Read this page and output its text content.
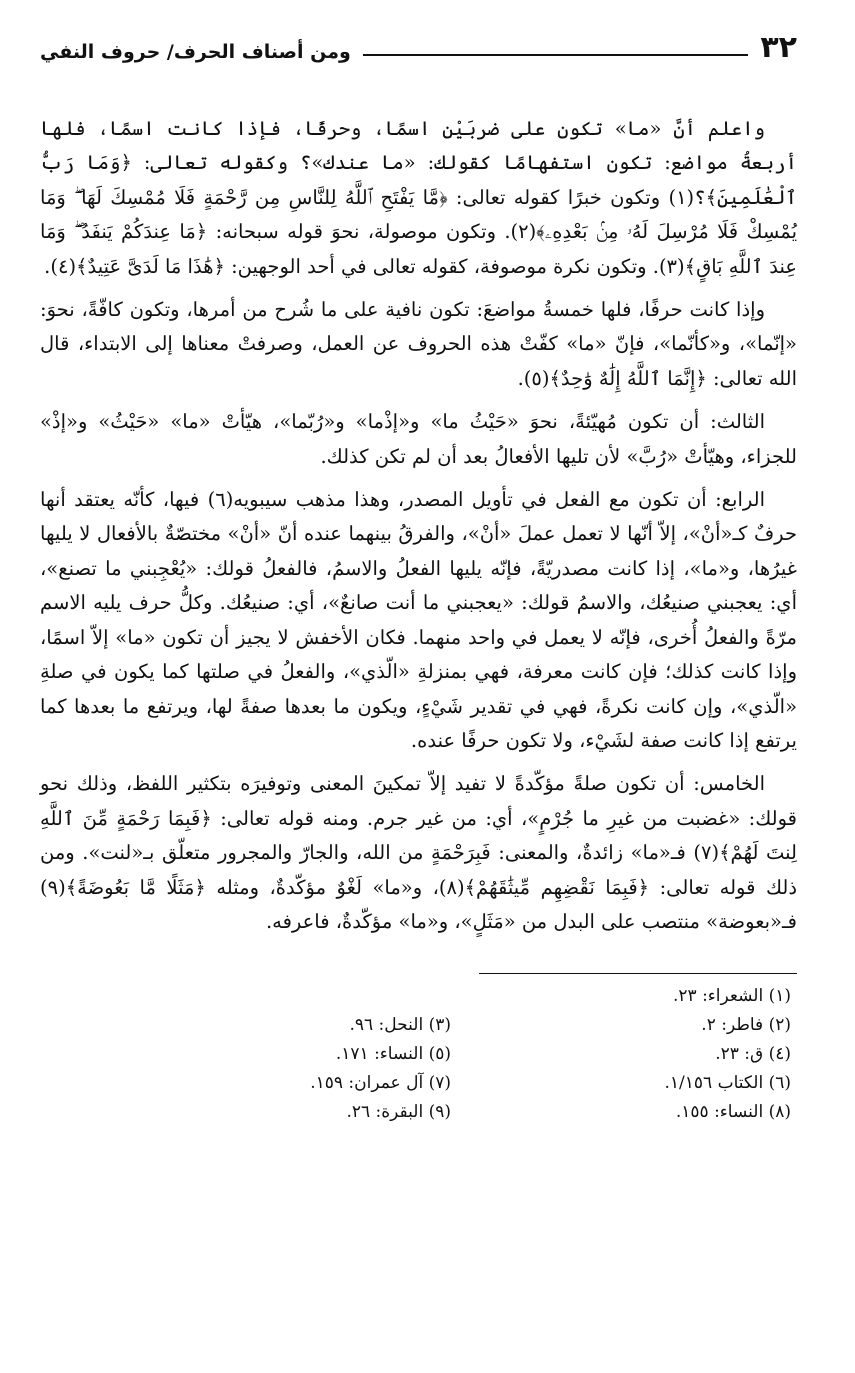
٣٢
ومن أصناف الحرف/ حروف النفي

واعلم أنَّ «ما» تكون على ضربَيْن اسمًا، وحرفًا، فإذا كانت اسمًا، فلها أربعةُ مواضع: تكون استفهامًا كقولك: «ما عندك»؟ وكقوله تعالى: ﴿وَمَا رَبُّ ٱلْعَٰلَمِينَ﴾؟(١) وتكون خبرًا كقوله تعالى: ﴿مَّا يَفْتَحِ ٱللَّهُ لِلنَّاسِ مِن رَّحْمَةٍ فَلَا مُمْسِكَ لَهَا ۖ وَمَا يُمْسِكْ فَلَا مُرْسِلَ لَهُۥ مِنۢ بَعْدِهِۦ﴾(٢). وتكون موصولة، نحوَ قوله سبحانه: ﴿مَا عِندَكُمْ يَنفَدُ ۖ وَمَا عِندَ ٱللَّهِ بَاقٍ﴾(٣). وتكون نكرة موصوفة، كقوله تعالى في أحد الوجهين: ﴿هَٰذَا مَا لَدَىَّ عَتِيدٌ﴾(٤).

وإذا كانت حرفًا، فلها خمسةُ مواضعَ: تكون نافية على ما شُرح من أمرها، وتكون كافّةً، نحوَ: «إنّما»، و«كأنّما»، فإنّ «ما» كفّتْ هذه الحروف عن العمل، وصرفتْ معناها إلى الابتداء، قال الله تعالى: ﴿إِنَّمَا ٱللَّهُ إِلَٰهٌ وَٰحِدٌ﴾(٥).

الثالث: أن تكون مُهيّئةً، نحوَ «حَيْثُ ما» و«إذْما» و«رُبّما»، هيّأتْ «ما» «حَيْثُ» و«إذْ» للجزاء، وهيّأتْ «رُبَّ» لأن تليها الأفعالُ بعد أن لم تكن كذلك.

الرابع: أن تكون مع الفعل في تأويل المصدر، وهذا مذهب سيبويه(٦) فيها، كأنّه يعتقد أنها حرفٌ كـ«أنْ»، إلاّ أنّها لا تعمل عملَ «أنْ»، والفرقُ بينهما عنده أنّ «أنْ» مختصّةٌ بالأفعال لا يليها غيرُها، و«ما»، إذا كانت مصدريّةً، فإنّه يليها الفعلُ والاسمُ، فالفعلُ قولك: «يُعْجِبني ما تصنع»، أي: يعجبني صنيعُك، والاسمُ قولك: «يعجبني ما أنت صانعٌ»، أي: صنيعُك. وكلُّ حرف يليه الاسم مرّةً والفعلُ أُخرى، فإنّه لا يعمل في واحد منهما. فكان الأخفش لا يجيز أن تكون «ما» إلاّ اسمًا، وإذا كانت كذلك؛ فإن كانت معرفة، فهي بمنزلةِ «الّذي»، والفعلُ في صلتها كما يكون في صلةِ «الّذي»، وإن كانت نكرةً، فهي في تقدير شَيْءٍ، ويكون ما بعدها صفةً لها، ويرتفع ما بعدها كما يرتفع إذا كانت صفة لشَيْء، ولا تكون حرفًا عنده.

الخامس: أن تكون صلةً مؤكّدةً لا تفيد إلاّ تمكينَ المعنى وتوفيرَه بتكثير اللفظ، وذلك نحو قولك: «غضبت من غيرِ ما جُرْمٍ»، أي: من غير جرم. ومنه قوله تعالى: ﴿فَبِمَا رَحْمَةٍ مِّنَ ٱللَّهِ لِنتَ لَهُمْ﴾(٧) فـ«ما» زائدةٌ، والمعنى: فَبِرَحْمَةٍ من الله، والجارّ والمجرور متعلّق بـ«لنت». ومن ذلك قوله تعالى: ﴿فَبِمَا نَقْضِهِم مِّيثَٰقَهُمْ﴾(٨)، و«ما» لَغْوٌ مؤكّدةٌ، ومثله ﴿مَثَلًا مَّا بَعُوضَةً﴾(٩) فـ«بعوضة» منتصب على البدل من «مَثَلٍ»، و«ما» مؤكّدةٌ، فاعرفه.

(١) الشعراء: ٢٣.
(٢) فاطر: ٢.
(٣) النحل: ٩٦.
(٤) ق: ٢٣.
(٥) النساء: ١٧١.
(٦) الكتاب ١/١٥٦.
(٧) آل عمران: ١٥٩.
(٨) النساء: ١٥٥.
(٩) البقرة: ٢٦.
